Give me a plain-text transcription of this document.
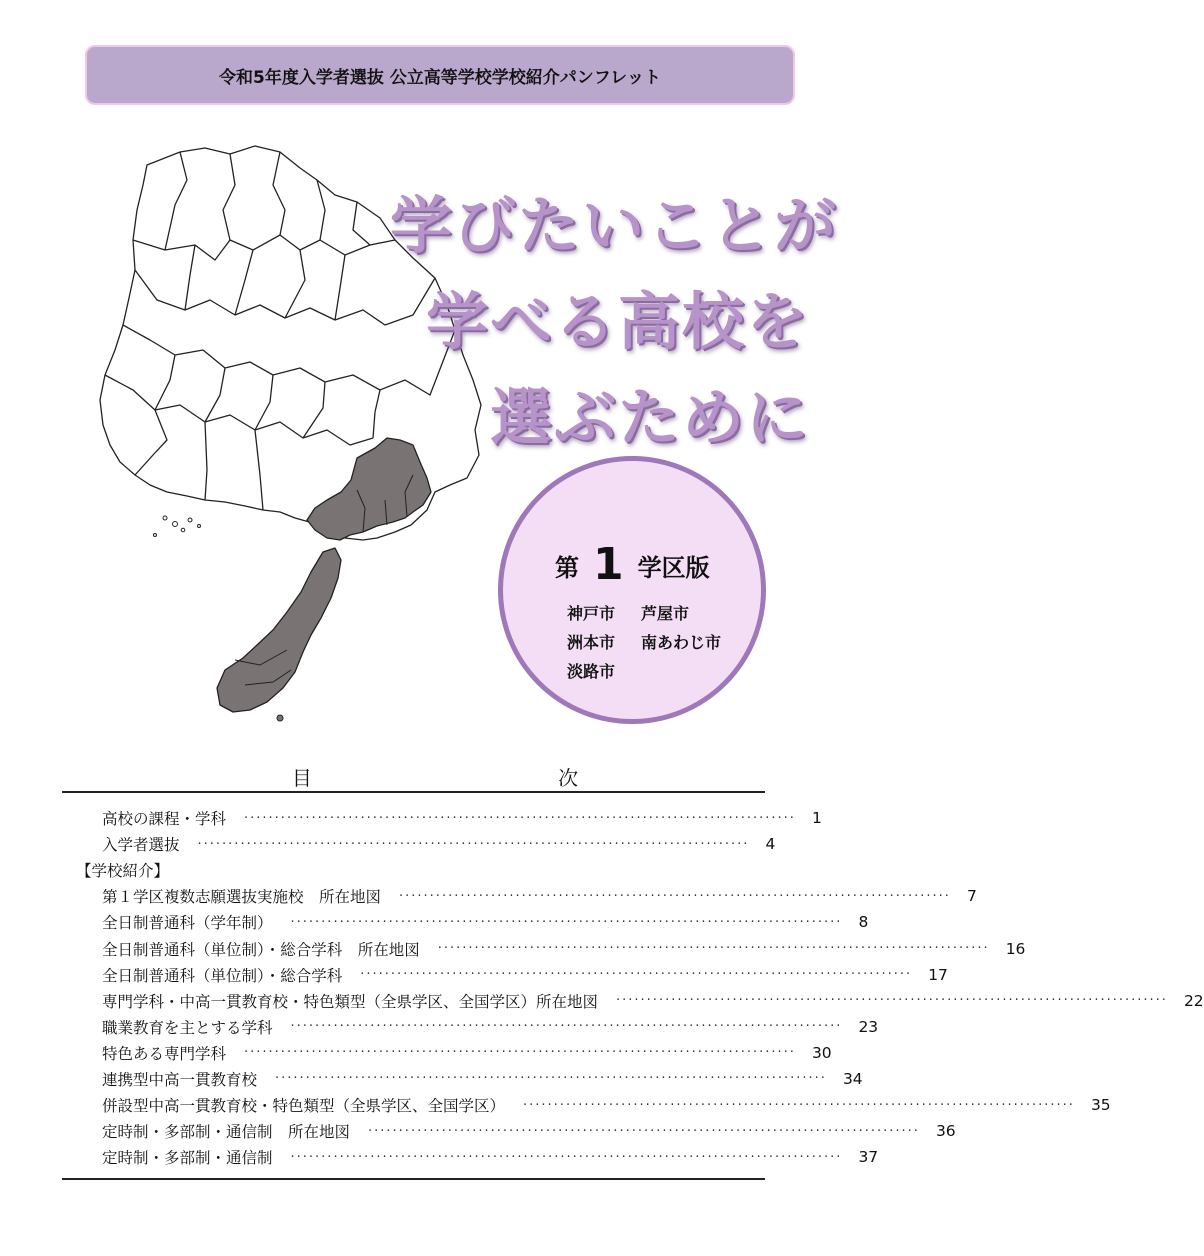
令和5年度入学者選抜 公立高等学校学校紹介パンフレット
学びたいことが
学べる高校を
選ぶために
第 1 学区版
神戸市	芦屋市
洲本市	南あわじ市
淡路市
目 次
高校の課程・学科 ·························································································· 1
入学者選抜 ·························································································· 4
【学校紹介】
第１学区複数志願選抜実施校　所在地図 ·························································································· 7
全日制普通科（学年制） ·························································································· 8
全日制普通科（単位制）・総合学科　所在地図 ·························································································· 16
全日制普通科（単位制）・総合学科 ·························································································· 17
専門学科・中高一貫教育校・特色類型（全県学区、全国学区）所在地図 ·························································································· 22
職業教育を主とする学科 ·························································································· 23
特色ある専門学科 ·························································································· 30
連携型中高一貫教育校 ·························································································· 34
併設型中高一貫教育校・特色類型（全県学区、全国学区） ·························································································· 35
定時制・多部制・通信制　所在地図 ·························································································· 36
定時制・多部制・通信制 ·························································································· 37
